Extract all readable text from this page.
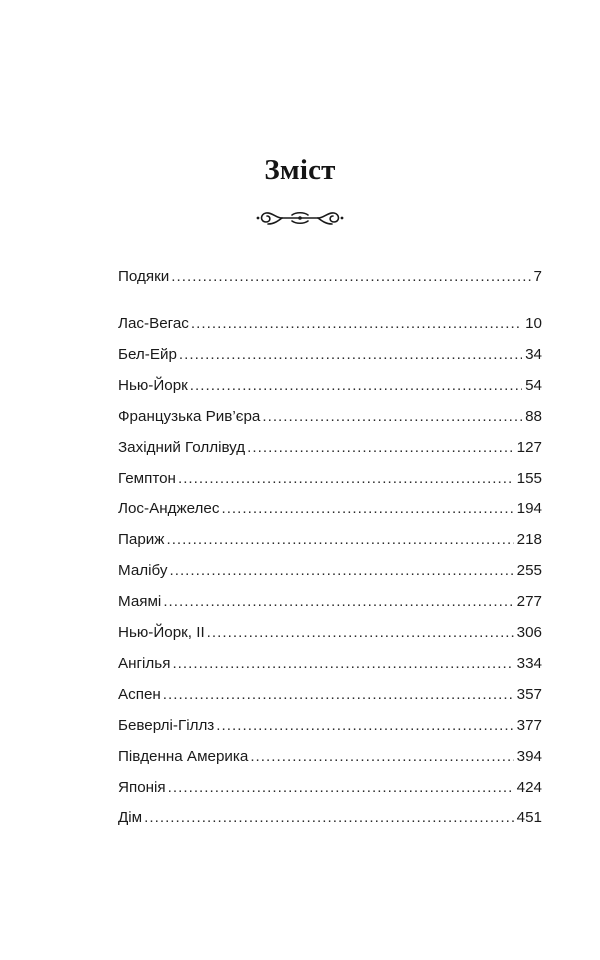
Зміст
Подяки . . .	7
Лас-Вегас . . .	10
Бел-Ейр . . .	34
Нью-Йорк . . .	54
Французька Рив’єра . . .	88
Західний Голлівуд . . .	127
Гемптон . . .	155
Лос-Анджелес . . .	194
Париж . . .	218
Малібу . . .	255
Маямі . . .	277
Нью-Йорк, II . . .	306
Ангілья . . .	334
Аспен . . .	357
Беверлі-Гіллз . . .	377
Південна Америка . . .	394
Японія . . .	424
Дім . . .	451
